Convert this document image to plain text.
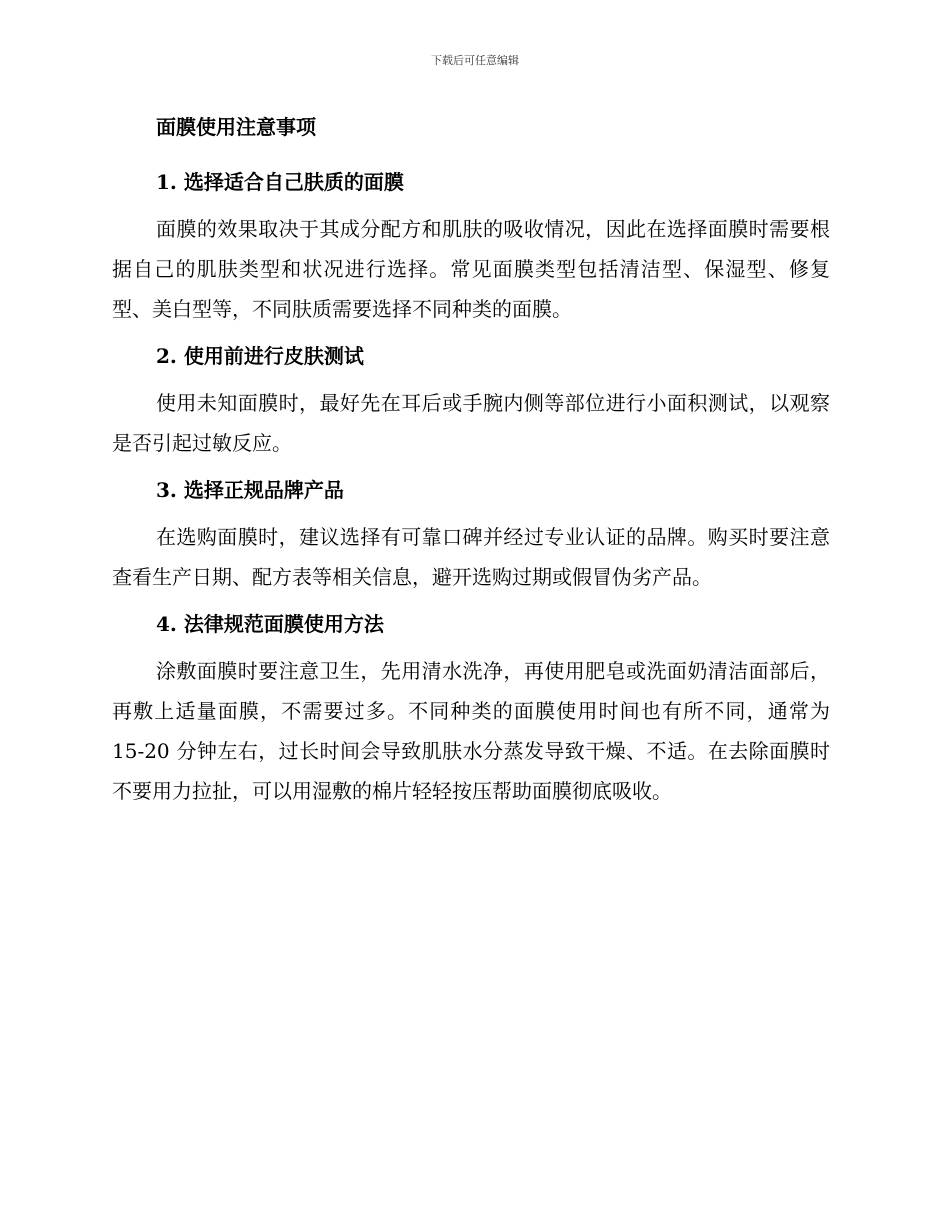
下载后可任意编辑
面膜使用注意事项
1. 选择适合自己肤质的面膜

面膜的效果取决于其成分配方和肌肤的吸收情况，因此在选择面膜时需要根据自己的肌肤类型和状况进行选择。常见面膜类型包括清洁型、保湿型、修复型、美白型等，不同肤质需要选择不同种类的面膜。

2. 使用前进行皮肤测试

使用未知面膜时，最好先在耳后或手腕内侧等部位进行小面积测试，以观察是否引起过敏反应。

3. 选择正规品牌产品

在选购面膜时，建议选择有可靠口碑并经过专业认证的品牌。购买时要注意查看生产日期、配方表等相关信息，避开选购过期或假冒伪劣产品。

4. 法律规范面膜使用方法

涂敷面膜时要注意卫生，先用清水洗净，再使用肥皂或洗面奶清洁面部后，再敷上适量面膜，不需要过多。不同种类的面膜使用时间也有所不同，通常为 15-20 分钟左右，过长时间会导致肌肤水分蒸发导致干燥、不适。在去除面膜时不要用力拉扯，可以用湿敷的棉片轻轻按压帮助面膜彻底吸收。
